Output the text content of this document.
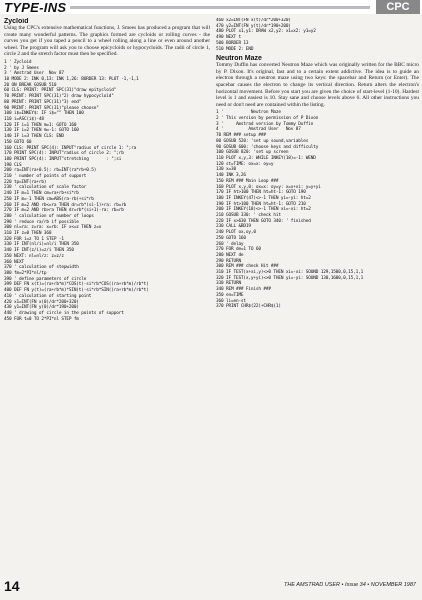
TYPE-INS	CPC
Zycloid
Using the CPC's extensive mathematical functions, J. Smees has produced a program that will create many wonderful patterns. The graphics formed are cycloids or rolling curves - the curves you get if you taped a pencil to a wheel rolling along a line or even around another wheel. The program will ask you to choose epicycloids or hypocycloids. The radii of circle 1, circle 2 and the stretch factor must then be specified.
1 ' Zycloid
2 ' by J Smees
3 ' Amstrad User  Nov 87
10 MODE 2: INK 0,13: INK 1,26: BORDER 13: PLOT -1,-1,1
20 ON BREAK GOSUB 510
60 CLS: PRINT: PRINT SPC(31)"draw epitycloid"
70 PRINT: PRINT SPC(31)"2) draw hypocycloid"
80 PRINT: PRINT SPC(31)"3) end"
90 PRINT: PRINT SPC(31)"please choose"
100 i$=INKEY$: IF i$="" THEN 100
110 i=ASC(i$)-48
120 IF i=1 THEN m=1: GOTO 160
130 IF i=2 THEN m=-1: GOTO 160
140 IF i=3 THEN CLS: END
150 GOTO 60
160 CLS: PRINT SPC(4): INPUT"radius of circle 1: ";ra
170 PRINT SPC(4): INPUT"radius of circle 2: ";rb
180 PRINT SPC(4): INPUT"stretching       : ";si
190 CLS
200 ra=INT(ra+0.5): rb=INT(ra*rb+0.5)
210 ' number of points of support
220 tp=INT(ra+rb)
230 ' calculation of scale factor
240 IF m=1 THEN cm=ra+rb+si*rb
250 IF m=-1 THEN cm=ABS(ra-rb)+si*rb
260 IF m=2 AND rb<=ra THEN dr=rb*(si-1)+ra: rb=rb
270 IF m=2 AND rb>ra THEN dr=rb*(si+1)-ra: rb=rb
280 ' calculation of number of loops
290 ' reduce ra/rb if possible
300 nl=ra: z=ra: x=rb: IF x<=z THEN z=x
310 IF z=0 THEN 360
320 FOR i=z TO 1 STEP -1
330 IF INT(nl/i)=nl/i THEN 350
340 IF INT(z/i)=z/i THEN 350
350 NEXT: nl=nl/z: z=z/z
360 NEXT
370 ' calculation of stepwidth
380 fm=2*PI*nl/tp
390 ' define parameters of circle
399 DEF FN x(t)=(ra+rb*m)*COS(t)-si*rb*COS((ra+rb*m)/rb*t)
400 DEF FN y(t)=(ra+rb*m)*SIN(t)-si*rb*SIN((ra+rb*m)/rb*t)
410 ' calculation of starting point
420 x1=INT(FN x(0)/dr*200+320)
430 y1=INT(FN y(0)/dr*190+200)
440 ' drawing of circle in the points of support
450 FOR t=0 TO 2*PI*nl STEP fm
460 x2=INT(FN x(t)/dr*200+320)
470 y2=INT(FN y(t)/dr*190+200)
480 PLOT x1,y1: DRAW x2,y2: x1=x2: y1=y2
490 NEXT t
500 BORDER 13
510 MODE 2: END
Neutron Maze
Tommy Duffin has converted Neutron Maze which was originally written for the BBC micro by P. Dixon. It's original, fast and to a certain extent addictive. The idea is to guide an electron through a neutron maze using two keys: the spacebar and Return (or Enter). The spacebar causes the electron to change its vertical direction. Return alters the electron's horizontal movement. Before you start you are given the choice of start-level (1-10). Hardest level is 1 and easiest is 10. Stay sane and choose levels above 6. All other instructions you need or don't need are contained within the listing.
1 '           Neutron Maze
2 ' This version by permission of P Dixon
3 '     Amstrad version by Tommy Duffin
4 '          Amstrad User   Nov 87
70 REM ### setup ###
80 GOSUB 520: 'set up sound,variables
90 GOSUB 600: 'choose keys and difficulty
100 GOSUB 820: 'set up screen
110 PLOT x,y,3: WHILE INKEY(18)=-1: WEND
120 st=TIME: ox=x: oy=y
130 x=30
140 INK 3,26
150 REM ### Main Loop ###
160 PLOT x,y,0: ox=x: oy=y: x=x+xi: y=y+yi
170 IF ht>100 THEN ht=ht-1: GOTO 190
180 IF INKEY(47)<>-1 THEN yi=-yi: ht=2
190 IF ht>100 THEN ht=ht-1: GOTO 210
200 IF INKEY(18)<>-1 THEN xi=-xi: ht=2
210 GOSUB 330: ' check hit
220 IF x>630 THEN GOTO 340: ' finished
230 CALL &BD19
240 PLOT ox,oy,0
250 GOTO 160
260 ' delay
270 FOR de=1 TO 60
280 NEXT de
290 RETURN
300 REM ### check Hit ###
310 IF TEST(x+xi,y)<>0 THEN xi=-xi: SOUND 129,1500,0,15,1,1
320 IF TEST(x,y+yi)<>0 THEN yi=-yi: SOUND 130,1600,0,15,1,1
330 RETURN
340 REM ### Finish ###
350 en=TIME
360 li=en-st
370 PRINT CHR$(22)+CHR$(1)
14	THE AMSTRAD USER • Issue 34 • NOVEMBER 1987
